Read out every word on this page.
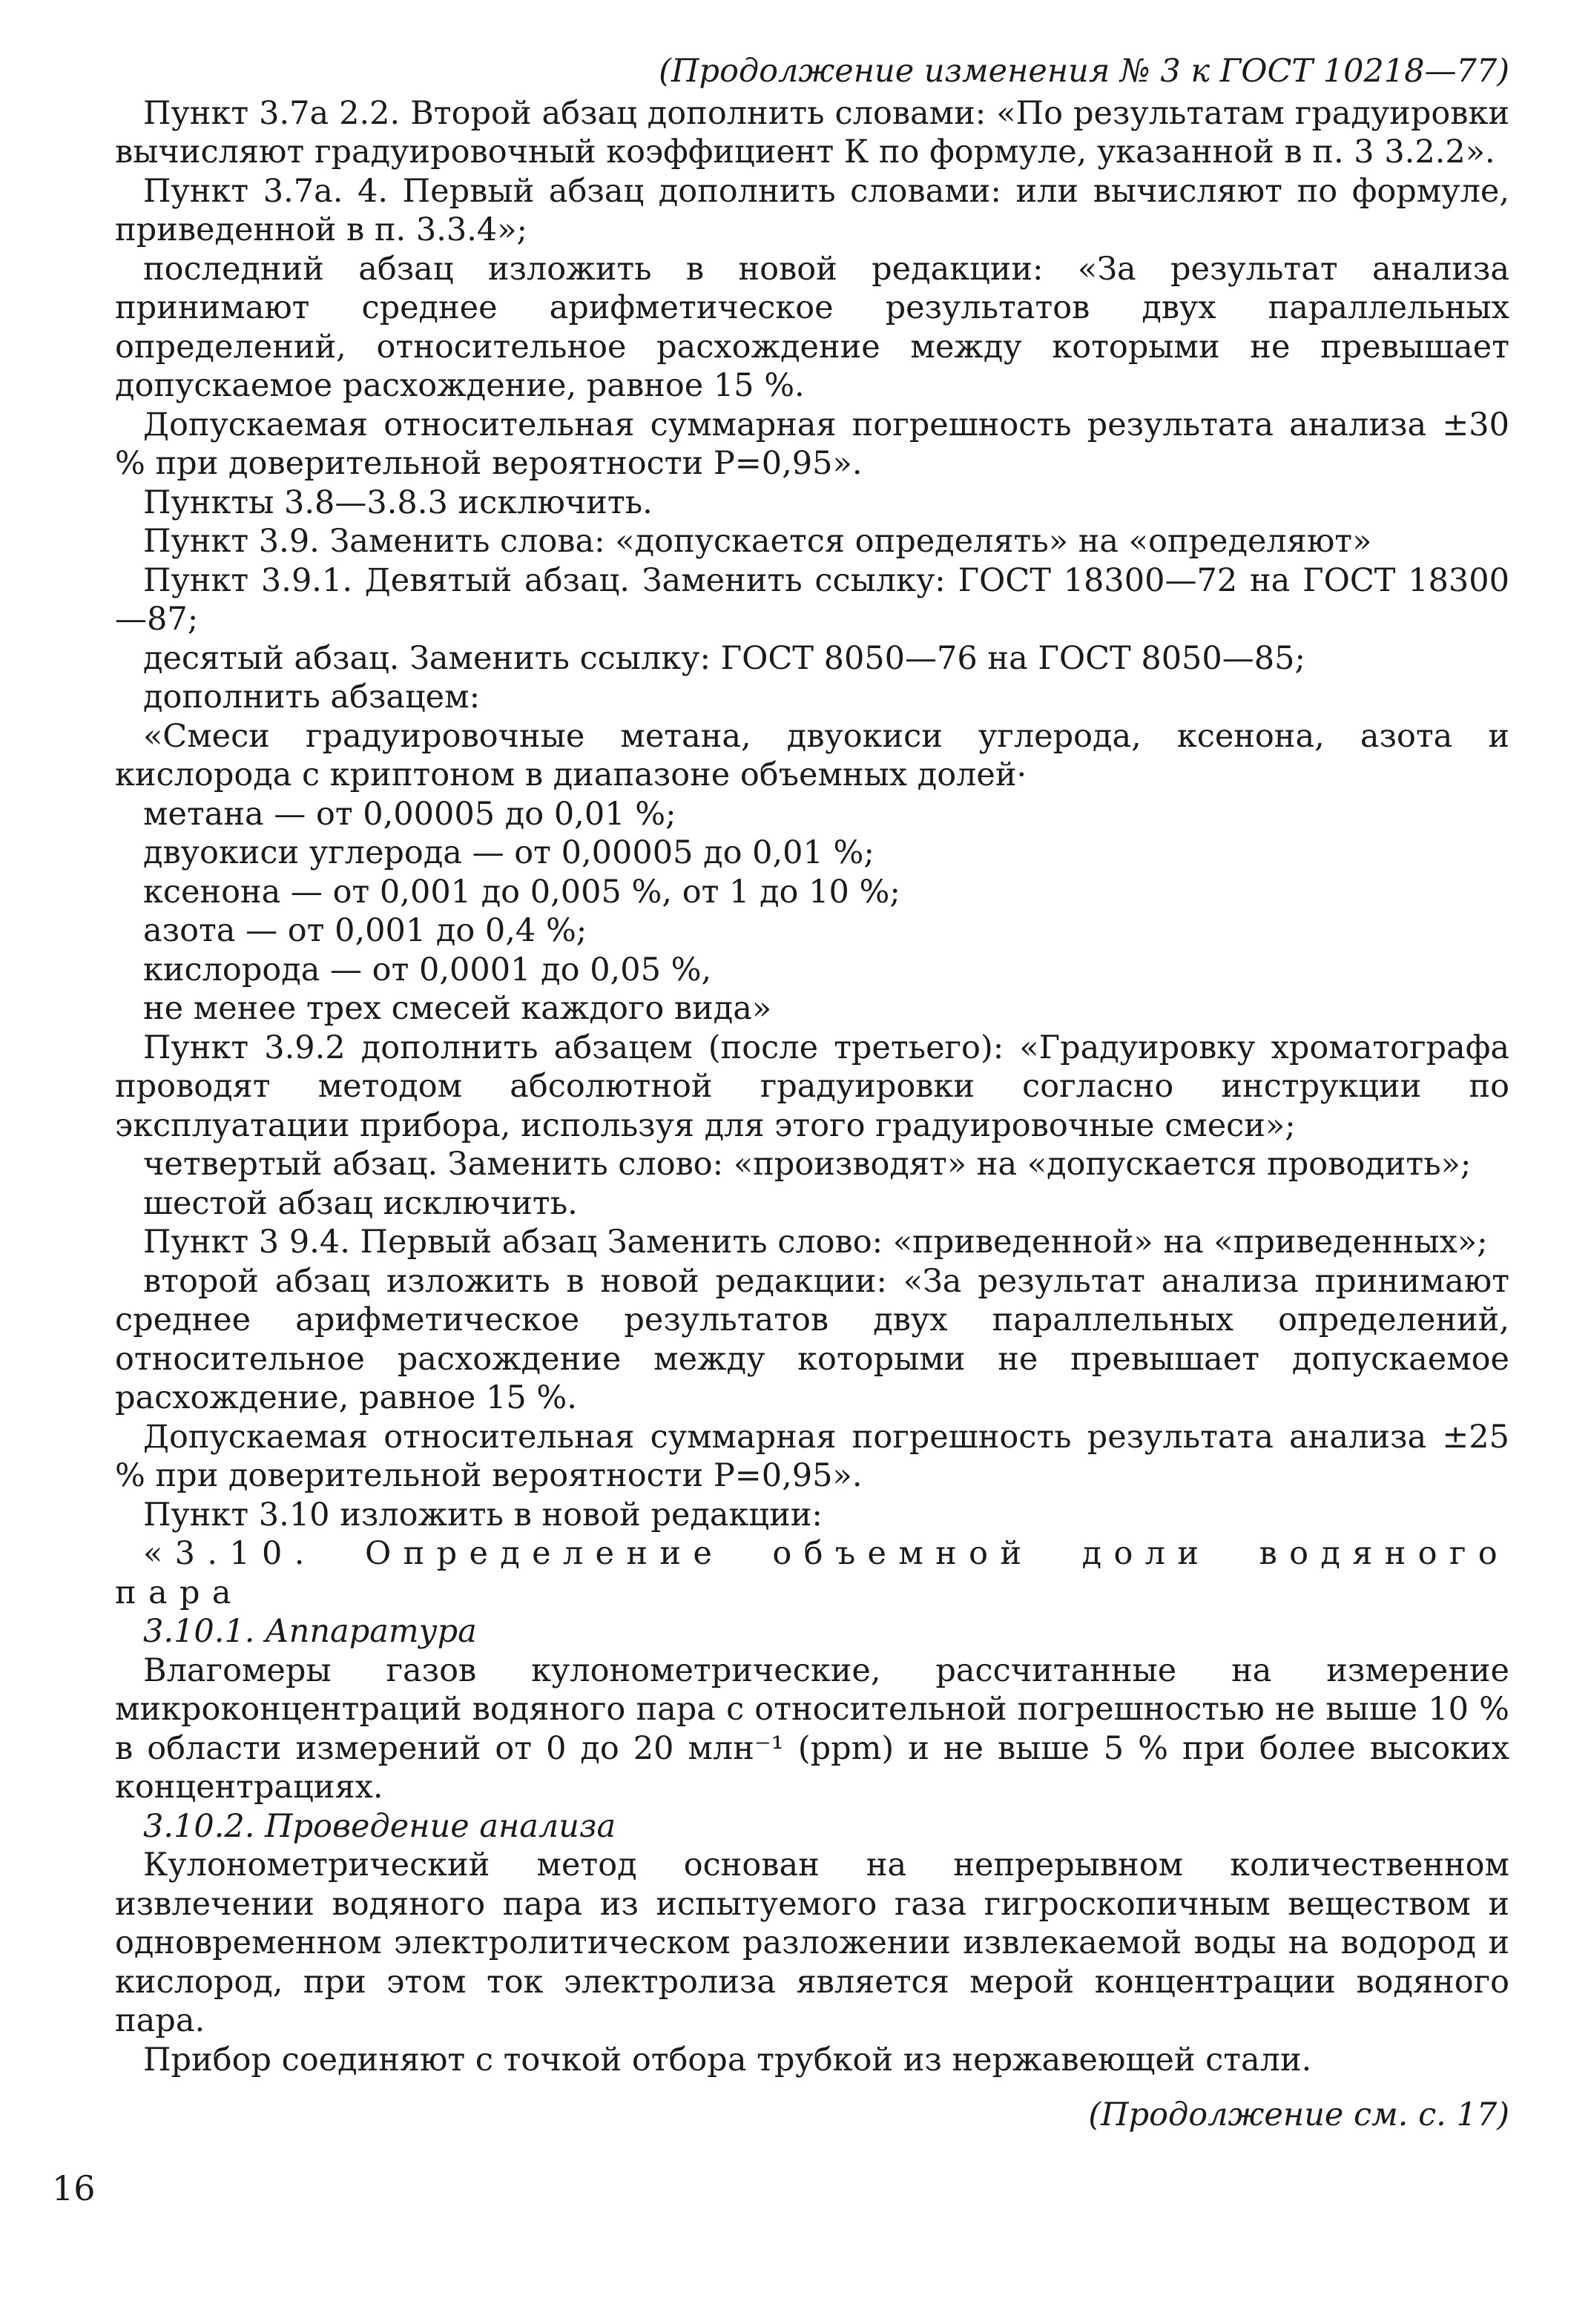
(Продолжение изменения № 3 к ГОСТ 10218—77)

Пункт 3.7а 2.2. Второй абзац дополнить словами: «По результатам градуировки вычисляют градуировочный коэффициент К по формуле, указанной в п. 3 3.2.2».

Пункт 3.7а. 4. Первый абзац дополнить словами: или вычисляют по формуле, приведенной в п. 3.3.4»;

последний абзац изложить в новой редакции: «За результат анализа принимают среднее арифметическое результатов двух параллельных определений, относительное расхождение между которыми не превышает допускаемое расхождение, равное 15 %.

Допускаемая относительная суммарная погрешность результата анализа ±30 % при доверительной вероятности Р=0,95».

Пункты 3.8—3.8.3 исключить.

Пункт 3.9. Заменить слова: «допускается определять» на «определяют»

Пункт 3.9.1. Девятый абзац. Заменить ссылку: ГОСТ 18300—72 на ГОСТ 18300—87;

десятый абзац. Заменить ссылку: ГОСТ 8050—76 на ГОСТ 8050—85;

дополнить абзацем:

«Смеси градуировочные метана, двуокиси углерода, ксенона, азота и кислорода с криптоном в диапазоне объемных долей·

метана — от 0,00005 до 0,01 %;

двуокиси углерода — от 0,00005 до 0,01 %;

ксенона — от 0,001 до 0,005 %, от 1 до 10 %;

азота — от 0,001 до 0,4 %;

кислорода — от 0,0001 до 0,05 %,

не менее трех смесей каждого вида»

Пункт 3.9.2 дополнить абзацем (после третьего): «Градуировку хроматографа проводят методом абсолютной градуировки согласно инструкции по эксплуатации прибора, используя для этого градуировочные смеси»;

четвертый абзац. Заменить слово: «производят» на «допускается проводить»;

шестой абзац исключить.

Пункт 3 9.4. Первый абзац Заменить слово: «приведенной» на «приведенных»;

второй абзац изложить в новой редакции: «За результат анализа принимают среднее арифметическое результатов двух параллельных определений, относительное расхождение между которыми не превышает допускаемое расхождение, равное 15 %.

Допускаемая относительная суммарная погрешность результата анализа ±25 % при доверительной вероятности Р=0,95».

Пункт 3.10 изложить в новой редакции:

«3.10. Определение объемной доли водяного пара

3.10.1. Аппаратура

Влагомеры газов кулонометрические, рассчитанные на измерение микроконцентраций водяного пара с относительной погрешностью не выше 10 % в области измерений от 0 до 20 млн⁻¹ (ppm) и не выше 5 % при более высоких концентрациях.

3.10.2. Проведение анализа

Кулонометрический метод основан на непрерывном количественном извлечении водяного пара из испытуемого газа гигроскопичным веществом и одновременном электролитическом разложении извлекаемой воды на водород и кислород, при этом ток электролиза является мерой концентрации водяного пара.

Прибор соединяют с точкой отбора трубкой из нержавеющей стали.

(Продолжение см. с. 17)
16
